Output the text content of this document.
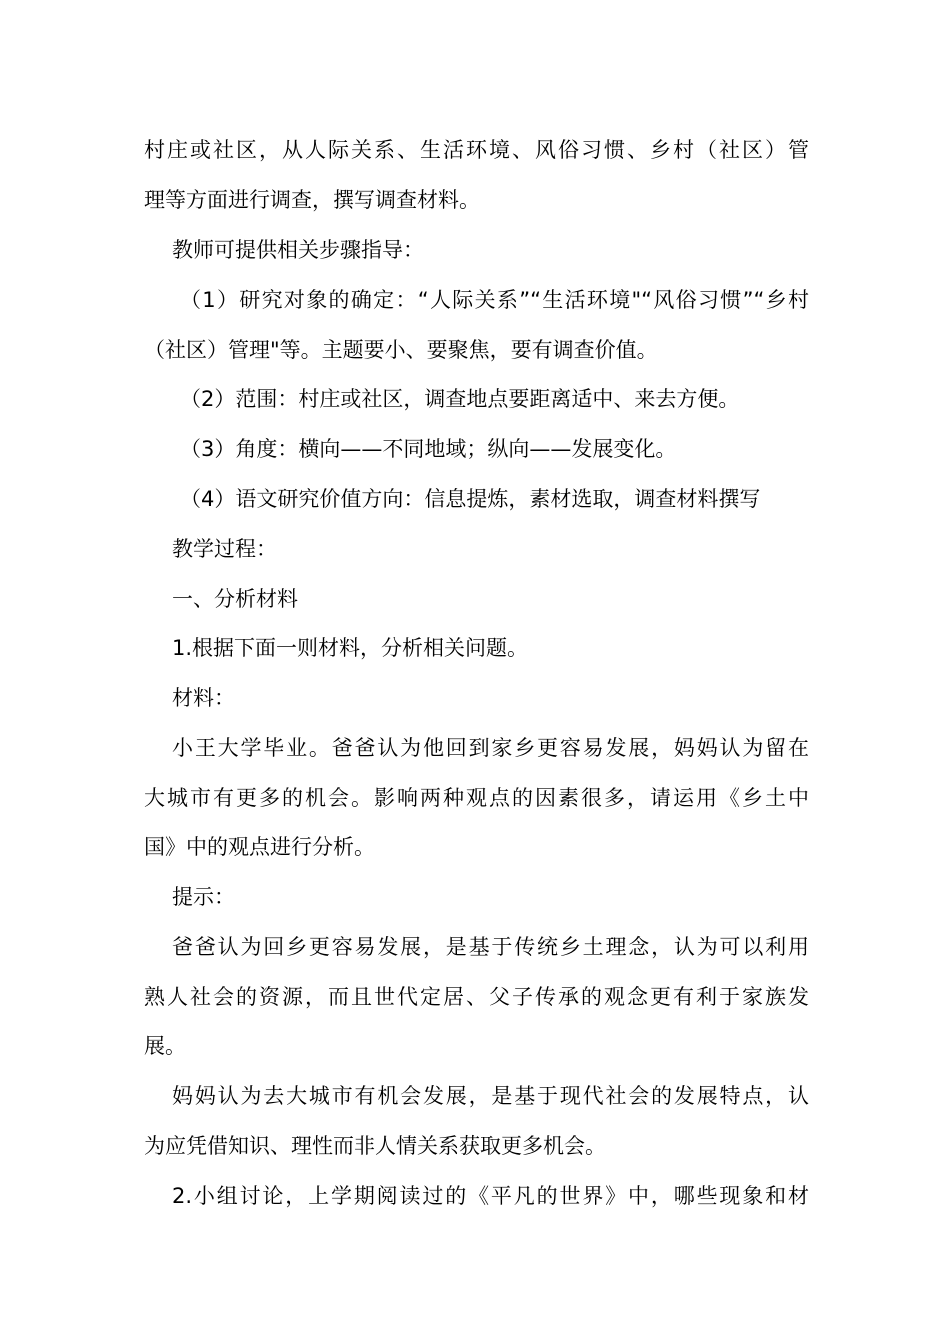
村庄或社区，从人际关系、生活环境、风俗习惯、乡村（社区）管
理等方面进行调查，撰写调查材料。
教师可提供相关步骤指导：
（1）研究对象的确定：“人际关系”“生活环境"“风俗习惯”“乡村
（社区）管理"等。主题要小、要聚焦，要有调查价值。
（2）范围：村庄或社区，调查地点要距离适中、来去方便。
（3）角度：横向——不同地域；纵向——发展变化。
（4）语文研究价值方向：信息提炼，素材选取，调查材料撰写
教学过程：
一、分析材料
1.根据下面一则材料，分析相关问题。
材料：
小王大学毕业。爸爸认为他回到家乡更容易发展，妈妈认为留在
大城市有更多的机会。影响两种观点的因素很多，请运用《乡土中
国》中的观点进行分析。
提示：
爸爸认为回乡更容易发展，是基于传统乡土理念，认为可以利用
熟人社会的资源，而且世代定居、父子传承的观念更有利于家族发
展。
妈妈认为去大城市有机会发展，是基于现代社会的发展特点，认
为应凭借知识、理性而非人情关系获取更多机会。
2.小组讨论，上学期阅读过的《平凡的世界》中，哪些现象和材
